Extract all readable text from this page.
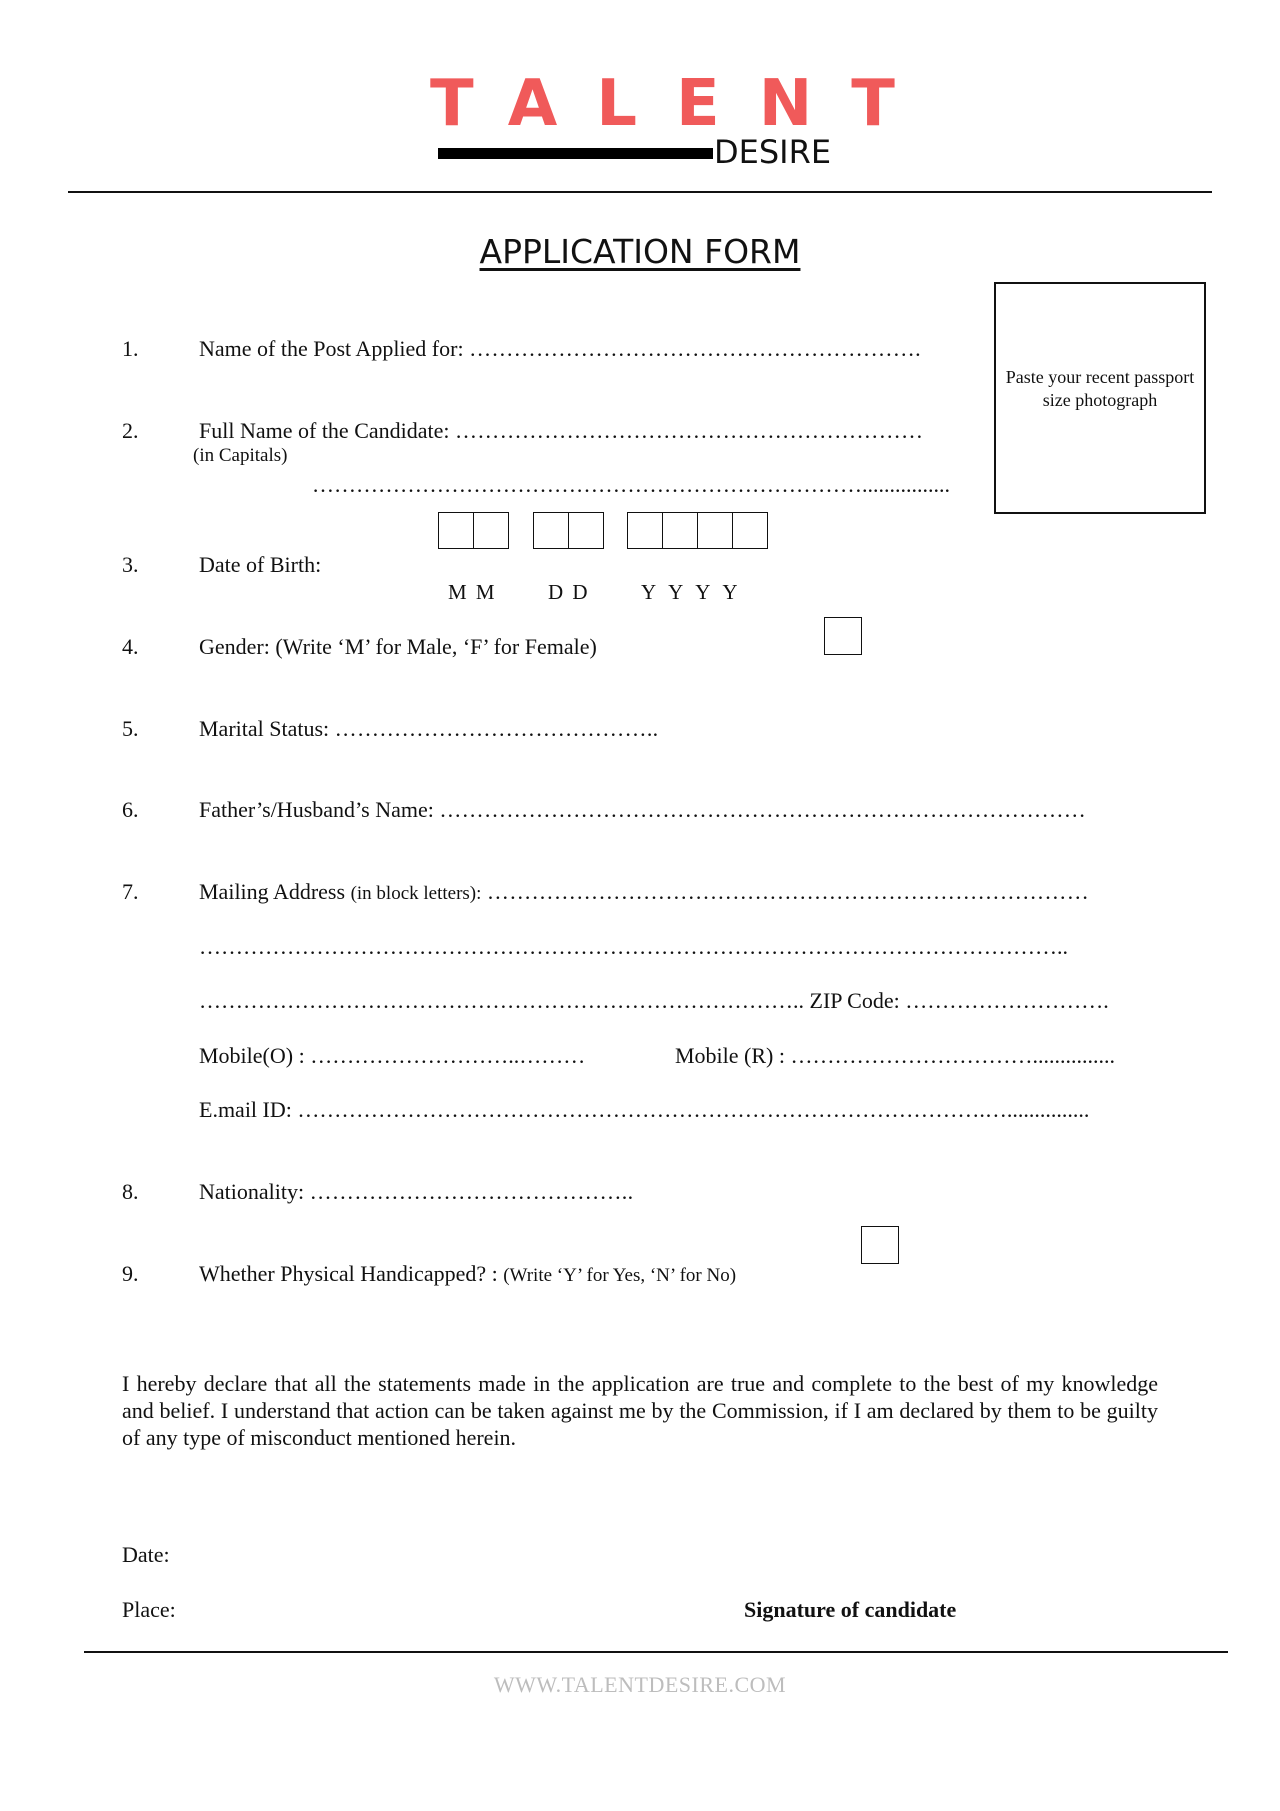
TALENT
DESIRE
APPLICATION FORM
Paste your recent passport size photograph
1.	Name of the Post Applied for: …………………………………………………….
2.	Full Name of the Candidate: ………………………………………………………
(in Capitals)
…………………………………………………………………................
3.	Date of Birth:
M M D D Y  Y  Y  Y
4.	Gender: (Write ‘M’ for Male, ‘F’ for Female)
5.	Marital Status: ……………………………………..
6.	Father’s/Husband’s Name: ……………………………………………………………………………
7.	Mailing Address (in block letters): ………………………………………………………………………
………………………………………………………………………………………………………..
……………………………………………………………………….. ZIP Code: ……………………….
Mobile(O) : ………………………..………	Mobile (R) : ……………………………...............
E.mail ID: ………………………………………………………………………………….…...............
8.	Nationality: ……………………………………..
9.	Whether Physical Handicapped? : (Write ‘Y’ for Yes, ‘N’ for No)
I hereby declare that all the statements made in the application are true and complete to the best of my knowledge and belief. I understand that action can be taken against me by the Commission, if I am declared by them to be guilty of any type of misconduct mentioned herein.
Date:
Place:	Signature of candidate
WWW.TALENTDESIRE.COM
